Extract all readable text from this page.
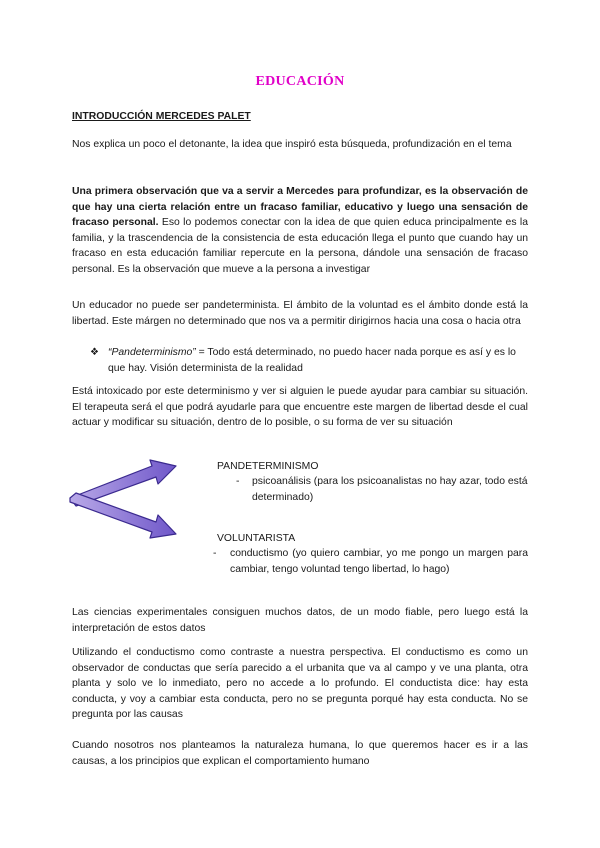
EDUCACIÓN
INTRODUCCIÓN MERCEDES PALET

Nos explica un poco el detonante, la idea que inspiró esta búsqueda, profundización en el tema

Una primera observación que va a servir a Mercedes para profundizar, es la observación de que hay una cierta relación entre un fracaso familiar, educativo y luego una sensación de fracaso personal. Eso lo podemos conectar con la idea de que quien educa principalmente es la familia, y la trascendencia de la consistencia de esta educación llega el punto que cuando hay un fracaso en esta educación familiar repercute en la persona, dándole una sensación de fracaso personal. Es la observación que mueve a la persona a investigar

Un educador no puede ser pandeterminista. El ámbito de la voluntad es el ámbito donde está la libertad. Este márgen no determinado que nos va a permitir dirigirnos hacia una cosa o hacia otra

❖ “Pandeterminismo” = Todo está determinado, no puedo hacer nada porque es así y es lo que hay. Visión determinista de la realidad

Está intoxicado por este determinismo y ver si alguien le puede ayudar para cambiar su situación. El terapeuta será el que podrá ayudarle para que encuentre este margen de libertad desde el cual actuar y modificar su situación, dentro de lo posible, o su forma de ver su situación

PANDETERMINISMO
- psicoanálisis (para los psicoanalistas no hay azar, todo está determinado)
VOLUNTARISTA
- conductismo (yo quiero cambiar, yo me pongo un margen para cambiar, tengo voluntad tengo libertad, lo hago)

Las ciencias experimentales consiguen muchos datos, de un modo fiable, pero luego está la interpretación de estos datos

Utilizando el conductismo como contraste a nuestra perspectiva. El conductismo es como un observador de conductas que sería parecido a el urbanita que va al campo y ve una planta, otra planta y solo ve lo inmediato, pero no accede a lo profundo. El conductista dice: hay esta conducta, y voy a cambiar esta conducta, pero no se pregunta porqué hay esta conducta. No se pregunta por las causas

Cuando nosotros nos planteamos la naturaleza humana, lo que queremos hacer es ir a las causas, a los principios que explican el comportamiento humano
